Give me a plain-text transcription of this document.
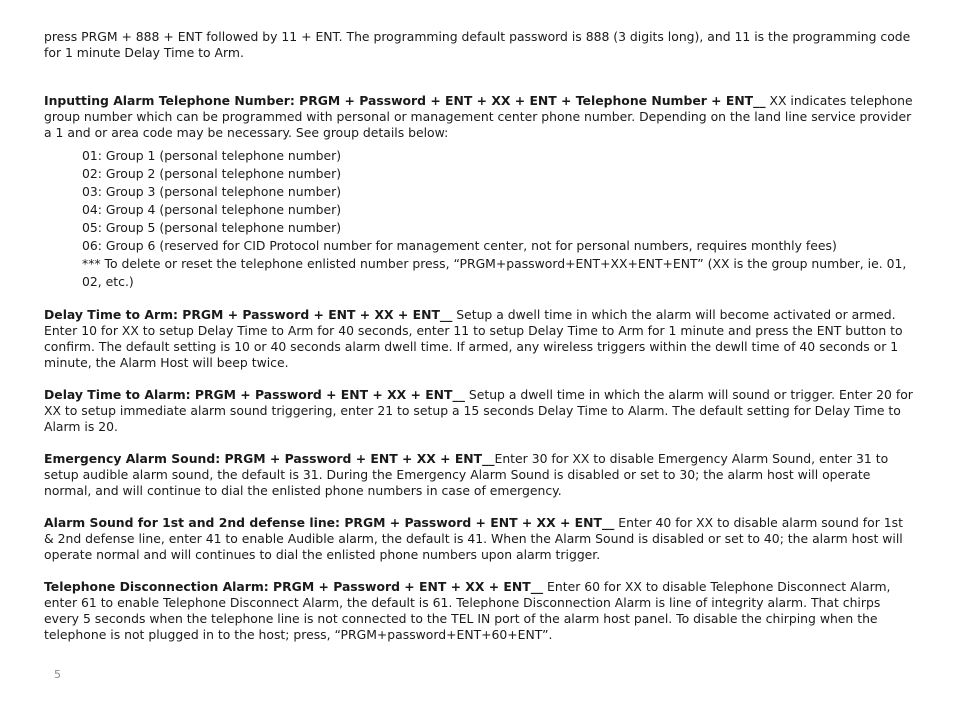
press PRGM + 888 + ENT followed by 11 + ENT. The programming default password is 888 (3 digits long), and 11 is the programming code for 1 minute Delay Time to Arm.

Inputting Alarm Telephone Number: PRGM + Password + ENT + XX + ENT + Telephone Number + ENT__ XX indicates telephone group number which can be programmed with personal or management center phone number. Depending on the land line service provider a 1 and or area code may be necessary. See group details below:

01: Group 1 (personal telephone number)
02: Group 2 (personal telephone number)
03: Group 3 (personal telephone number)
04: Group 4 (personal telephone number)
05: Group 5 (personal telephone number)
06: Group 6 (reserved for CID Protocol number for management center, not for personal numbers, requires monthly fees)
*** To delete or reset the telephone enlisted number press, “PRGM+password+ENT+XX+ENT+ENT” (XX is the group number, ie. 01, 02, etc.)

Delay Time to Arm: PRGM + Password + ENT + XX + ENT__ Setup a dwell time in which the alarm will become activated or armed. Enter 10 for XX to setup Delay Time to Arm for 40 seconds, enter 11 to setup Delay Time to Arm for 1 minute and press the ENT button to confirm. The default setting is 10 or 40 seconds alarm dwell time. If armed, any wireless triggers within the dewll time of 40 seconds or 1 minute, the Alarm Host will beep twice.

Delay Time to Alarm: PRGM + Password + ENT + XX + ENT__ Setup a dwell time in which the alarm will sound or trigger. Enter 20 for XX to setup immediate alarm sound triggering, enter 21 to setup a 15 seconds Delay Time to Alarm. The default setting for Delay Time to Alarm is 20.

Emergency Alarm Sound: PRGM + Password + ENT + XX + ENT__Enter 30 for XX to disable Emergency Alarm Sound, enter 31 to setup audible alarm sound, the default is 31. During the Emergency Alarm Sound is disabled or set to 30; the alarm host will operate normal, and will continue to dial the enlisted phone numbers in case of emergency.

Alarm Sound for 1st and 2nd defense line: PRGM + Password + ENT + XX + ENT__ Enter 40 for XX to disable alarm sound for 1st & 2nd defense line, enter 41 to enable Audible alarm, the default is 41. When the Alarm Sound is disabled or set to 40; the alarm host will operate normal and will continues to dial the enlisted phone numbers upon alarm trigger.

Telephone Disconnection Alarm: PRGM + Password + ENT + XX + ENT__ Enter 60 for XX to disable Telephone Disconnect Alarm, enter 61 to enable Telephone Disconnect Alarm, the default is 61. Telephone Disconnection Alarm is line of integrity alarm. That chirps every 5 seconds when the telephone line is not connected to the TEL IN port of the alarm host panel. To disable the chirping when the telephone is not plugged in to the host; press, “PRGM+password+ENT+60+ENT”.

5
